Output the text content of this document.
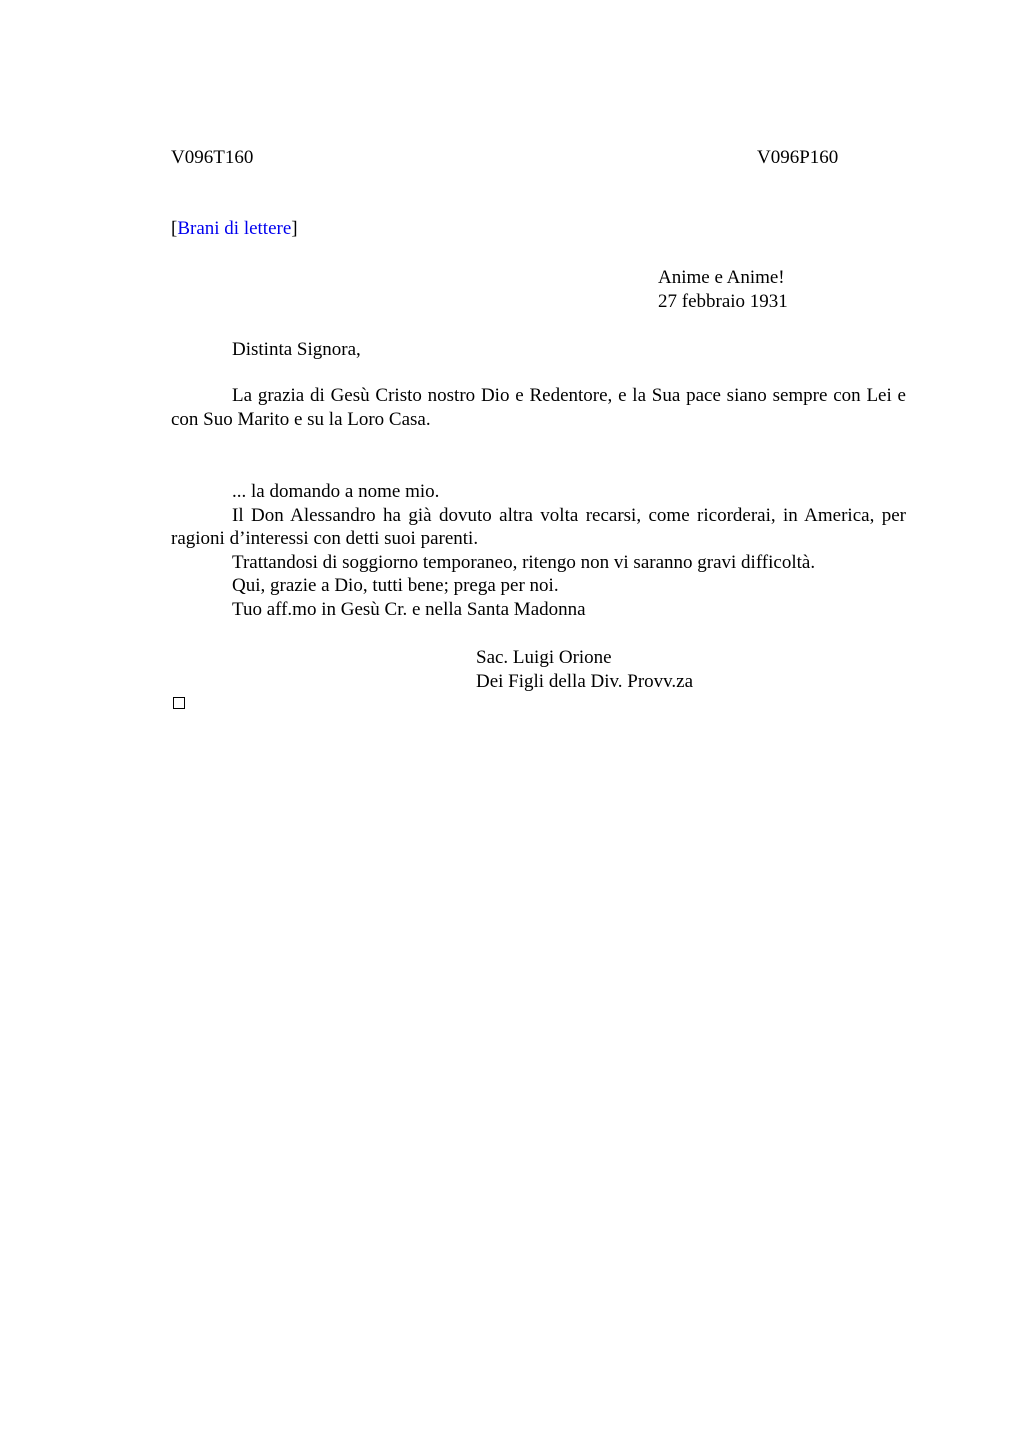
V096T160	V096P160
[Brani di lettere]
Anime e Anime!
27 febbraio 1931
Distinta Signora,
La grazia di Gesù Cristo nostro Dio e Redentore, e la Sua pace siano sempre con Lei e con Suo Marito e su la Loro Casa.

... la domando a nome mio.

Il Don Alessandro ha già dovuto altra volta recarsi, come ricorderai, in America, per ragioni d’interessi con detti suoi parenti.

Trattandosi di soggiorno temporaneo, ritengo non vi saranno gravi difficoltà.

Qui, grazie a Dio, tutti bene; prega per noi.

Tuo aff.mo in Gesù Cr. e nella Santa Madonna

Sac. Luigi Orione
Dei Figli della Div. Provv.za
